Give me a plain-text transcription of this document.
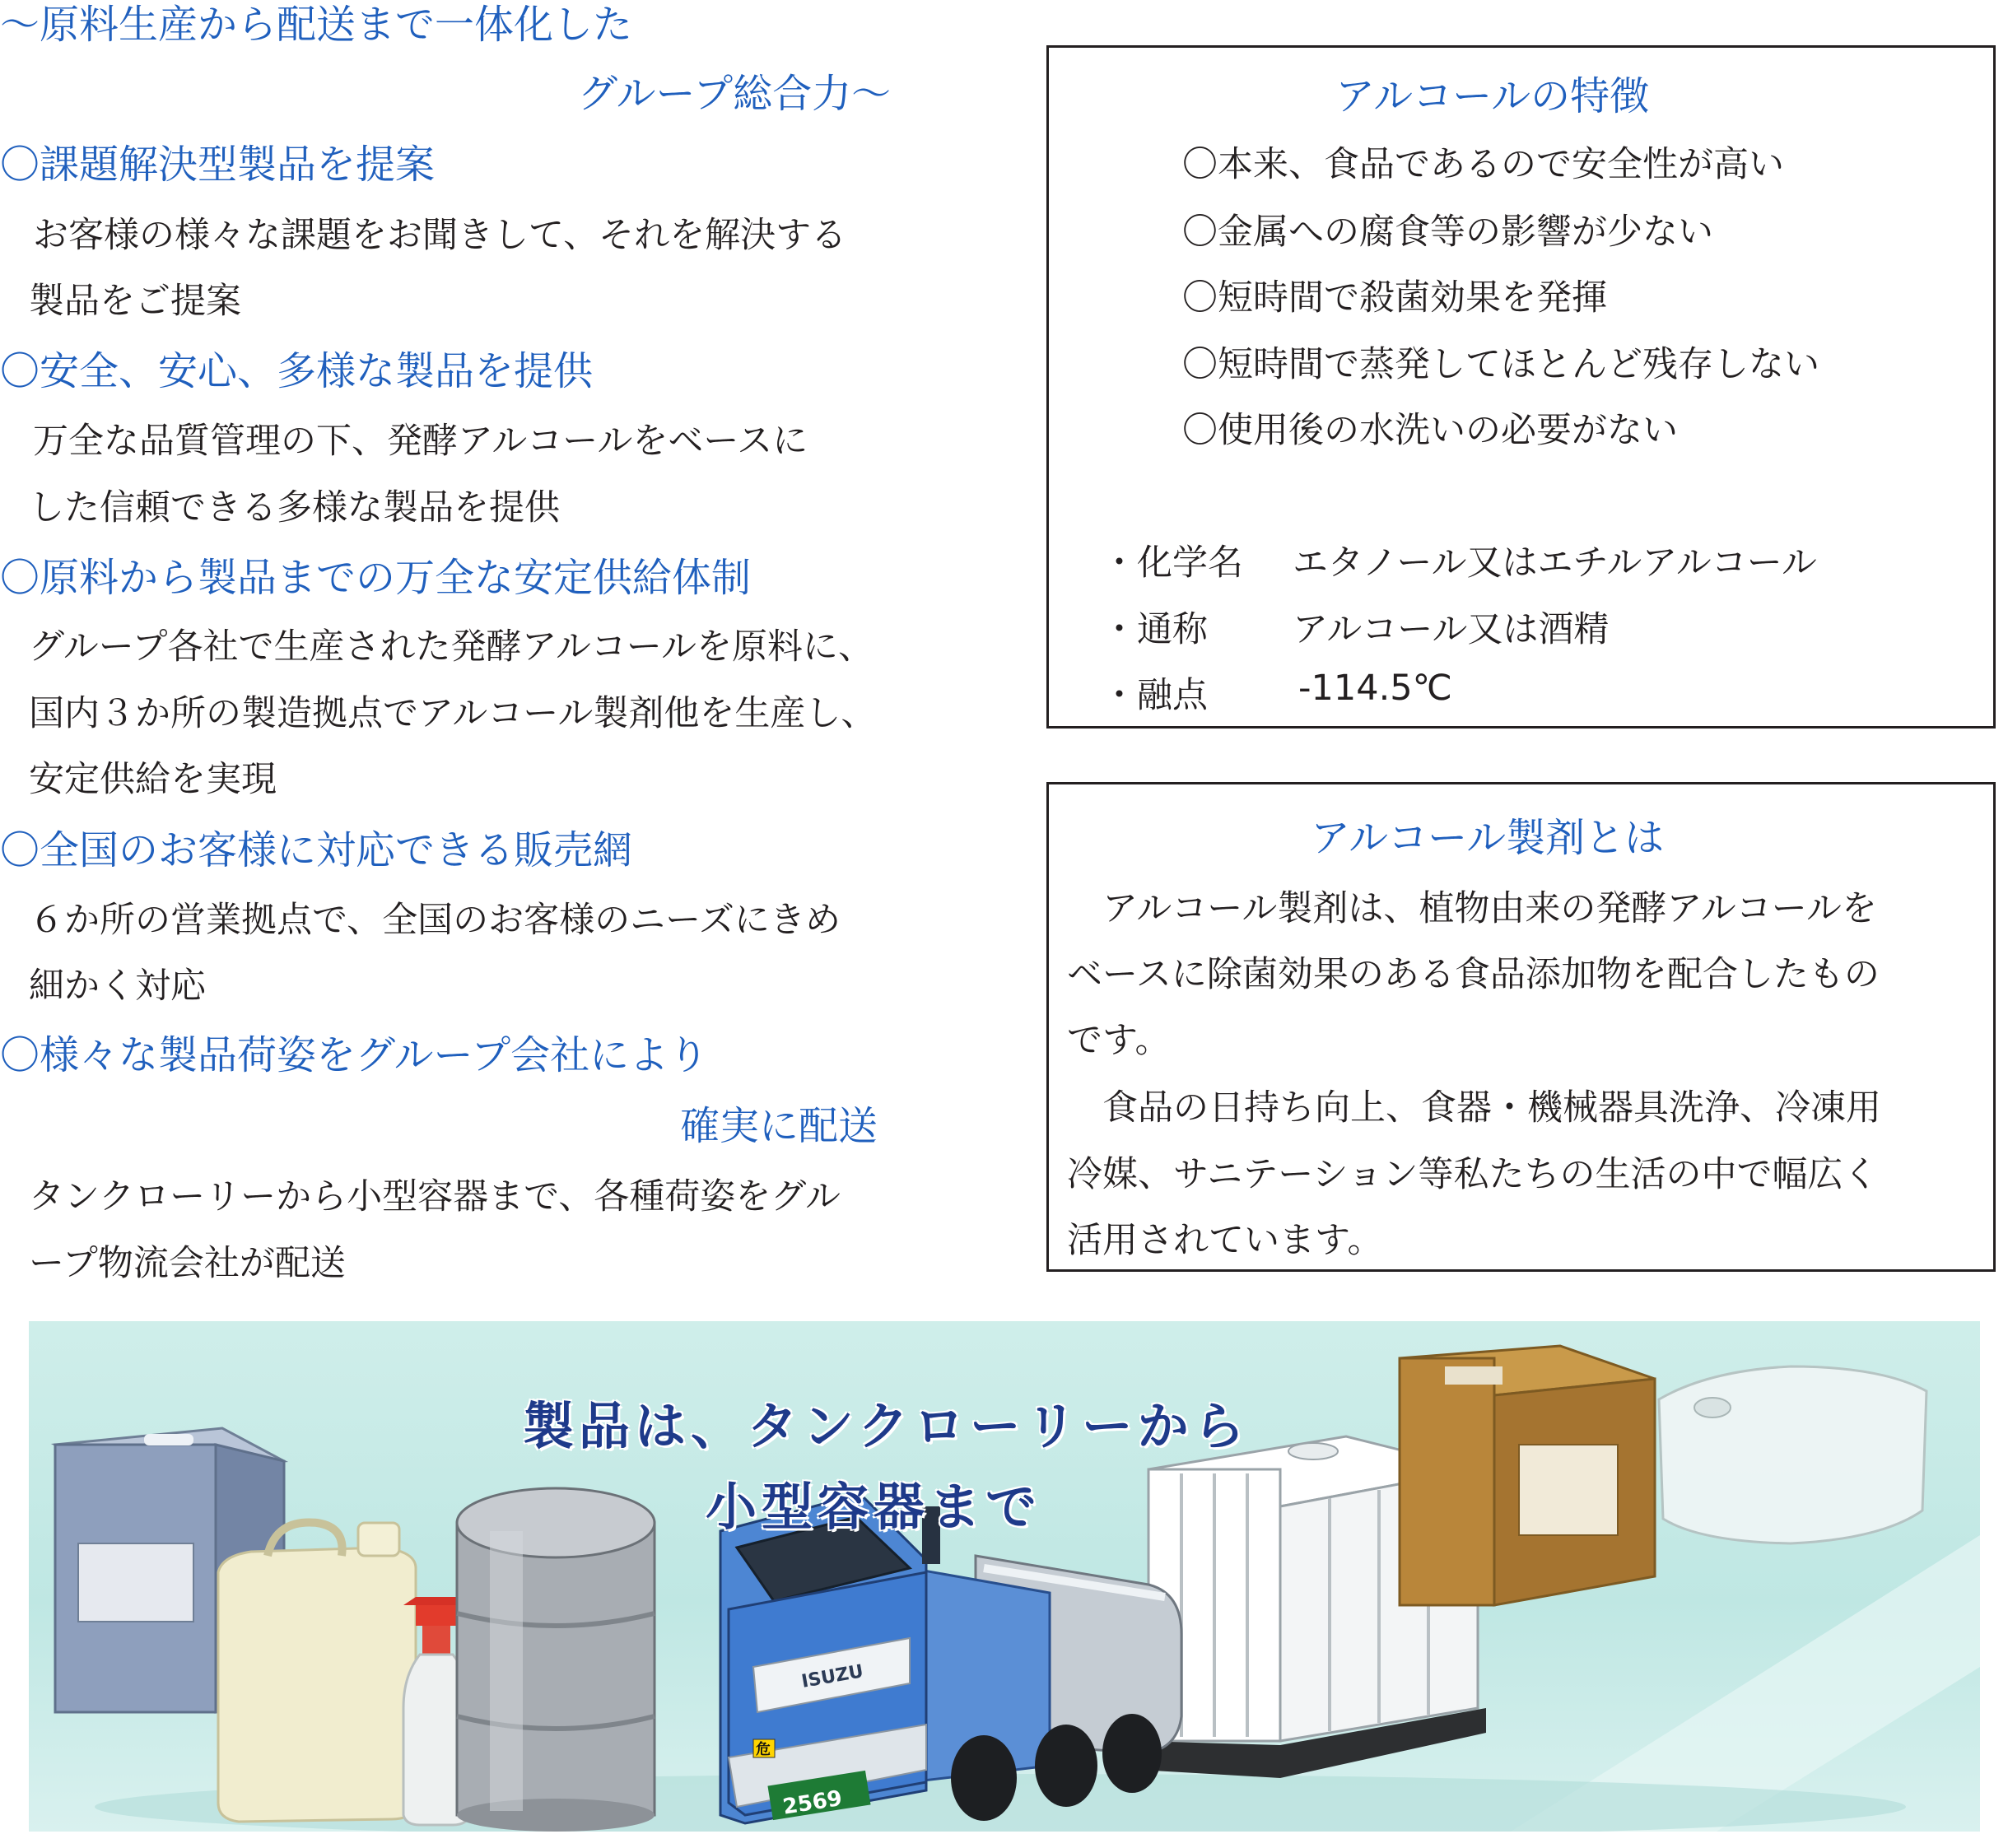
～原料生産から配送まで一体化した
グループ総合力～
〇課題解決型製品を提案
お客様の様々な課題をお聞きして、それを解決する
製品をご提案
〇安全、安心、多様な製品を提供
万全な品質管理の下、発酵アルコールをベースに
した信頼できる多様な製品を提供
〇原料から製品までの万全な安定供給体制
グループ各社で生産された発酵アルコールを原料に、
国内３か所の製造拠点でアルコール製剤他を生産し、
安定供給を実現
〇全国のお客様に対応できる販売網
６か所の営業拠点で、全国のお客様のニーズにきめ
細かく対応
〇様々な製品荷姿をグループ会社により
確実に配送
タンクローリーから小型容器まで、各種荷姿をグル
ープ物流会社が配送
アルコールの特徴
〇本来、食品であるので安全性が高い
〇金属への腐食等の影響が少ない
〇短時間で殺菌効果を発揮
〇短時間で蒸発してほとんど残存しない
〇使用後の水洗いの必要がない
・化学名 エタノール又はエチルアルコール
・通称 アルコール又は酒精
・融点	-114.5℃
アルコール製剤とは
　アルコール製剤は、植物由来の発酵アルコールを
ベースに除菌効果のある食品添加物を配合したもの
です。
　食品の日持ち向上、食器・機械器具洗浄、冷凍用
冷媒、サニテーション等私たちの生活の中で幅広く
活用されています。
ISUZU
危
2569
製品は、タンクローリーから
小型容器まで
